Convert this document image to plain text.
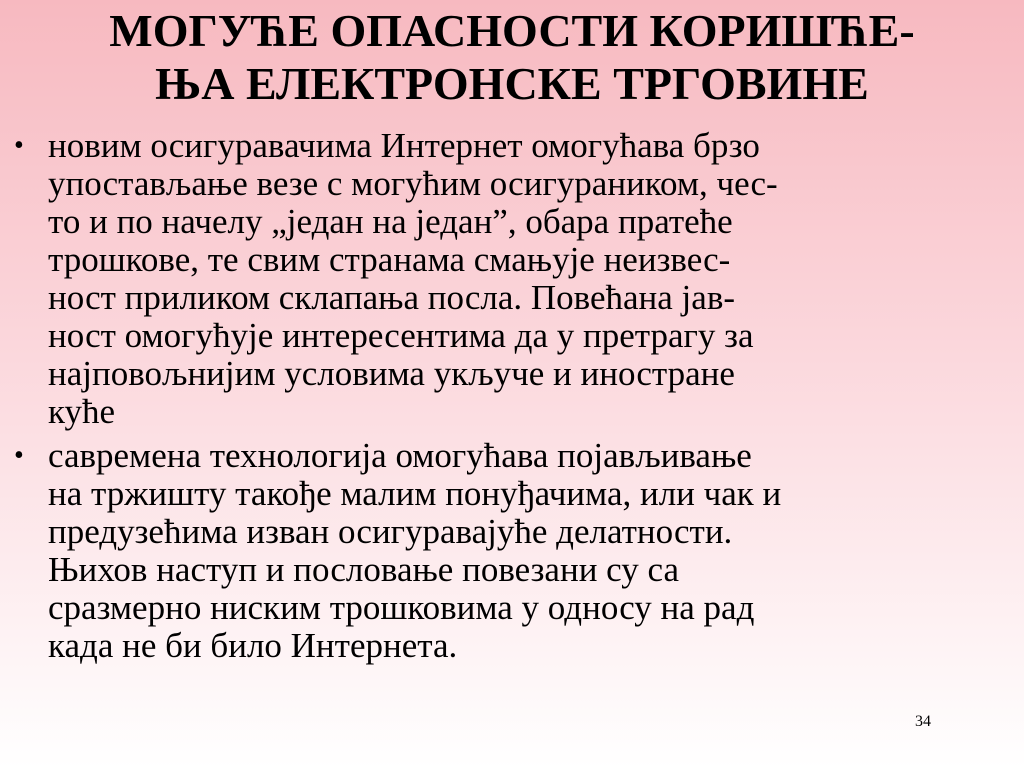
МОГУЋЕ ОПАСНОСТИ КОРИШЋЕ-
ЊА ЕЛЕКТРОНСКЕ ТРГОВИНЕ
• новим осигуравачима Интернет омогућава брзо
упостављање везе с могућим осигураником, чес-
то и по начелу „један на један”, обара пратеће
трошкове, те свим странама смањује неизвес-
ност приликом склапања посла. Повећана јав-
ност омогућује интересентима да у претрагу за
најповољнијим условима укључе и иностране
куће
• савремена технологија омогућава појављивање
на тржишту такође малим понуђачима, или чак и
предузећима изван осигуравајуће делатности.
Њихов наступ и пословање повезани су са
сразмерно ниским трошковима у односу на рад
када не би било Интернета.
34
